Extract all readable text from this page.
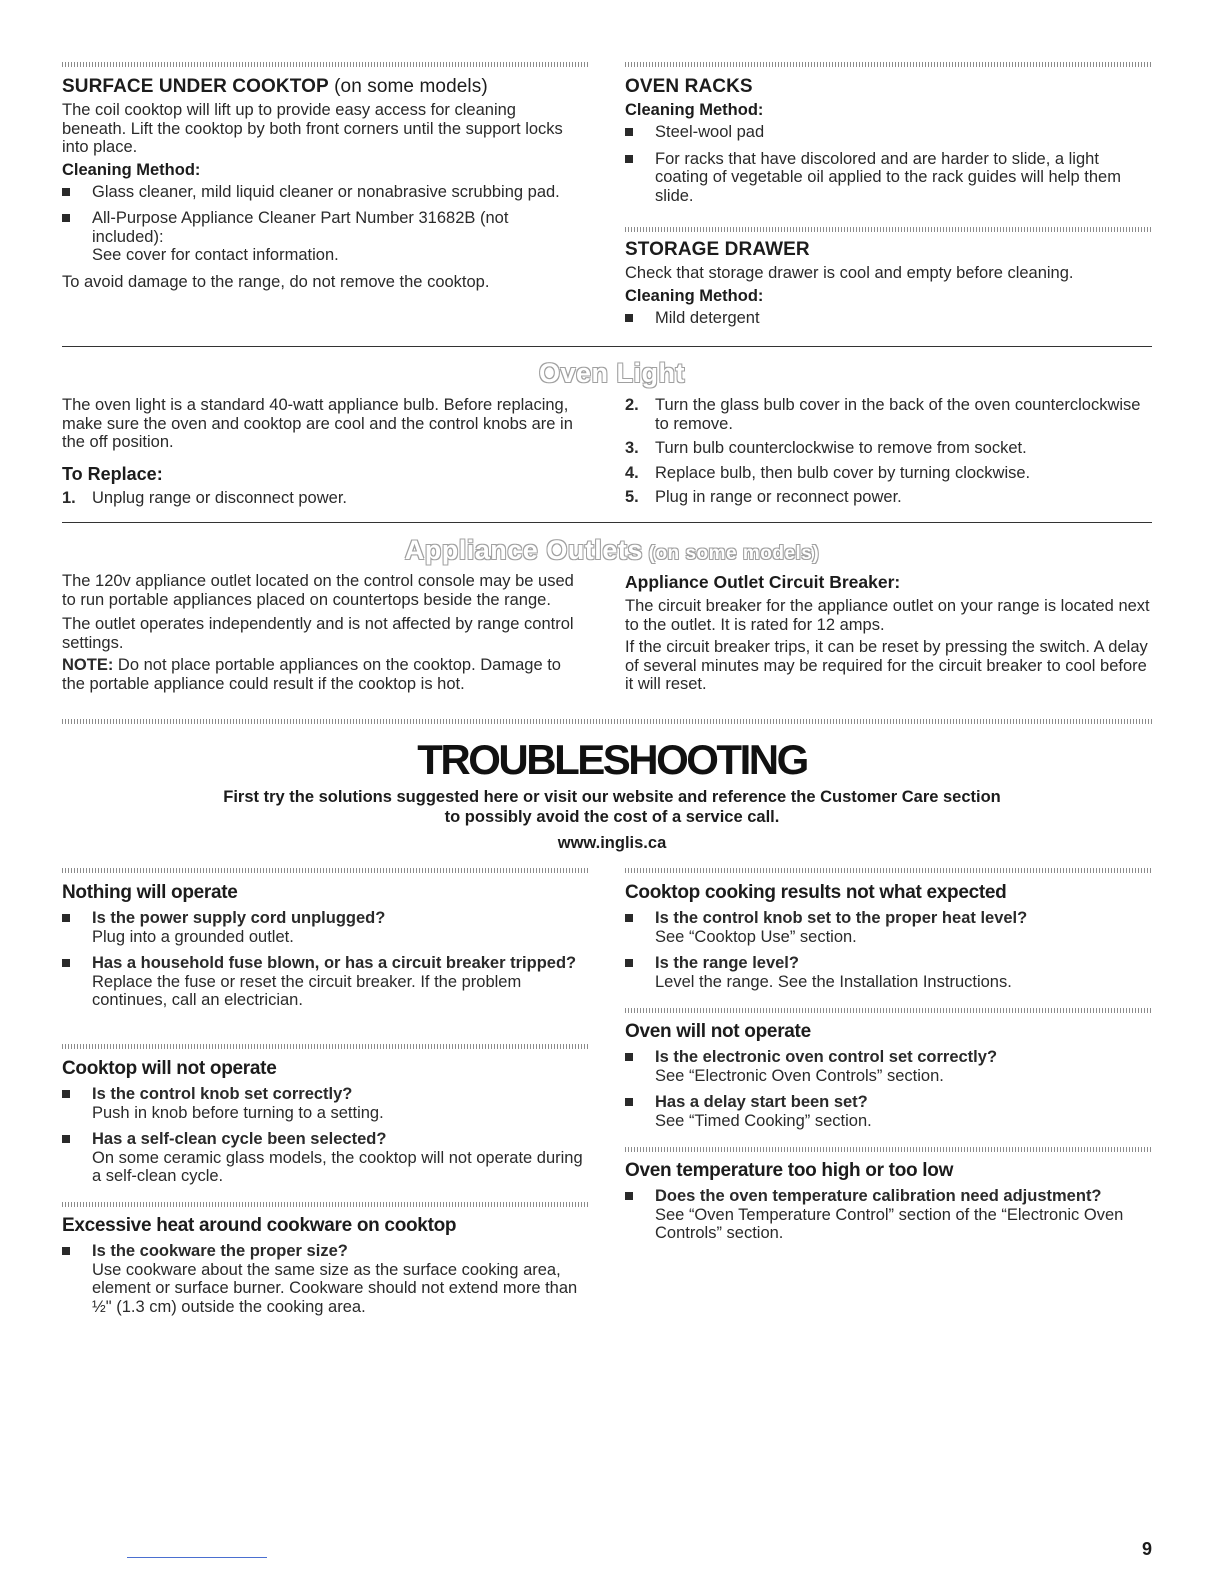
SURFACE UNDER COOKTOP (on some models)

The coil cooktop will lift up to provide easy access for cleaning beneath. Lift the cooktop by both front corners until the support locks into place.

Cleaning Method:
Glass cleaner, mild liquid cleaner or nonabrasive scrubbing pad.
All-Purpose Appliance Cleaner Part Number 31682B (not included):
See cover for contact information.

To avoid damage to the range, do not remove the cooktop.

OVEN RACKS
Cleaning Method:
Steel-wool pad
For racks that have discolored and are harder to slide, a light coating of vegetable oil applied to the rack guides will help them slide.
STORAGE DRAWER

Check that storage drawer is cool and empty before cleaning.

Cleaning Method:
Mild detergent
Oven Light

The oven light is a standard 40-watt appliance bulb. Before replacing, make sure the oven and cooktop are cool and the control knobs are in the off position.

To Replace:
1. Unplug range or disconnect power.
2. Turn the glass bulb cover in the back of the oven counterclockwise to remove.
3. Turn bulb counterclockwise to remove from socket.
4. Replace bulb, then bulb cover by turning clockwise.
5. Plug in range or reconnect power.
Appliance Outlets (on some models)

The 120v appliance outlet located on the control console may be used to run portable appliances placed on countertops beside the range.

The outlet operates independently and is not affected by range control settings.

NOTE: Do not place portable appliances on the cooktop. Damage to the portable appliance could result if the cooktop is hot.

Appliance Outlet Circuit Breaker:

The circuit breaker for the appliance outlet on your range is located next to the outlet. It is rated for 12 amps.

If the circuit breaker trips, it can be reset by pressing the switch. A delay of several minutes may be required for the circuit breaker to cool before it will reset.

TROUBLESHOOTING
First try the solutions suggested here or visit our website and reference the Customer Care section
to possibly avoid the cost of a service call.
www.inglis.ca
Nothing will operate
Is the power supply cord unplugged?
Plug into a grounded outlet.
Has a household fuse blown, or has a circuit breaker tripped?
Replace the fuse or reset the circuit breaker. If the problem continues, call an electrician.
Cooktop will not operate
Is the control knob set correctly?
Push in knob before turning to a setting.
Has a self-clean cycle been selected?
On some ceramic glass models, the cooktop will not operate during a self-clean cycle.
Excessive heat around cookware on cooktop
Is the cookware the proper size?
Use cookware about the same size as the surface cooking area, element or surface burner. Cookware should not extend more than ½" (1.3 cm) outside the cooking area.
Cooktop cooking results not what expected
Is the control knob set to the proper heat level?
See “Cooktop Use” section.
Is the range level?
Level the range. See the Installation Instructions.
Oven will not operate
Is the electronic oven control set correctly?
See “Electronic Oven Controls” section.
Has a delay start been set?
See “Timed Cooking” section.
Oven temperature too high or too low
Does the oven temperature calibration need adjustment?
See “Oven Temperature Control” section of the “Electronic Oven Controls” section.
9
